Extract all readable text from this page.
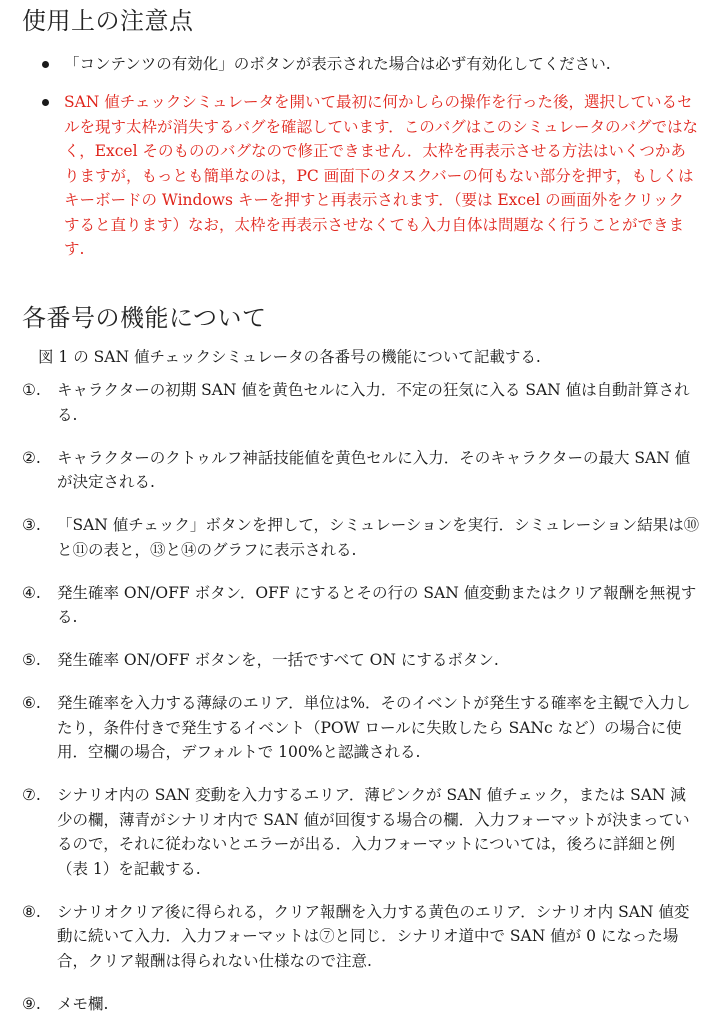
使用上の注意点
「コンテンツの有効化」のボタンが表示された場合は必ず有効化してください.
SAN 値チェックシミュレータを開いて最初に何かしらの操作を行った後，選択しているセルを現す太枠が消失するバグを確認しています．このバグはこのシミュレータのバグではなく，Excel そのもののバグなので修正できません．太枠を再表示させる方法はいくつかありますが，もっとも簡単なのは，PC 画面下のタスクバーの何もない部分を押す，もしくはキーボードの Windows キーを押すと再表示されます．（要は Excel の画面外をクリックすると直ります）なお，太枠を再表示させなくても入力自体は問題なく行うことができます.
各番号の機能について

図 1 の SAN 値チェックシミュレータの各番号の機能について記載する.

①.	キャラクターの初期 SAN 値を黄色セルに入力．不定の狂気に入る SAN 値は自動計算される.
②.	キャラクターのクトゥルフ神話技能値を黄色セルに入力．そのキャラクターの最大 SAN 値が決定される.
③.	「SAN 値チェック」ボタンを押して，シミュレーションを実行．シミュレーション結果は⑩と⑪の表と，⑬と⑭のグラフに表示される.
④.	発生確率 ON/OFF ボタン．OFF にするとその行の SAN 値変動またはクリア報酬を無視する.
⑤.	発生確率 ON/OFF ボタンを，一括ですべて ON にするボタン.
⑥.	発生確率を入力する薄緑のエリア．単位は%．そのイベントが発生する確率を主観で入力したり，条件付きで発生するイベント（POW ロールに失敗したら SANc など）の場合に使用．空欄の場合，デフォルトで 100%と認識される.
⑦.	シナリオ内の SAN 変動を入力するエリア．薄ピンクが SAN 値チェック，または SAN 減少の欄，薄青がシナリオ内で SAN 値が回復する場合の欄．入力フォーマットが決まっているので，それに従わないとエラーが出る．入力フォーマットについては，後ろに詳細と例（表 1）を記載する.
⑧.	シナリオクリア後に得られる，クリア報酬を入力する黄色のエリア．シナリオ内 SAN 値変動に続いて入力．入力フォーマットは⑦と同じ．シナリオ道中で SAN 値が 0 になった場合，クリア報酬は得られない仕様なので注意.
⑨.	メモ欄.
